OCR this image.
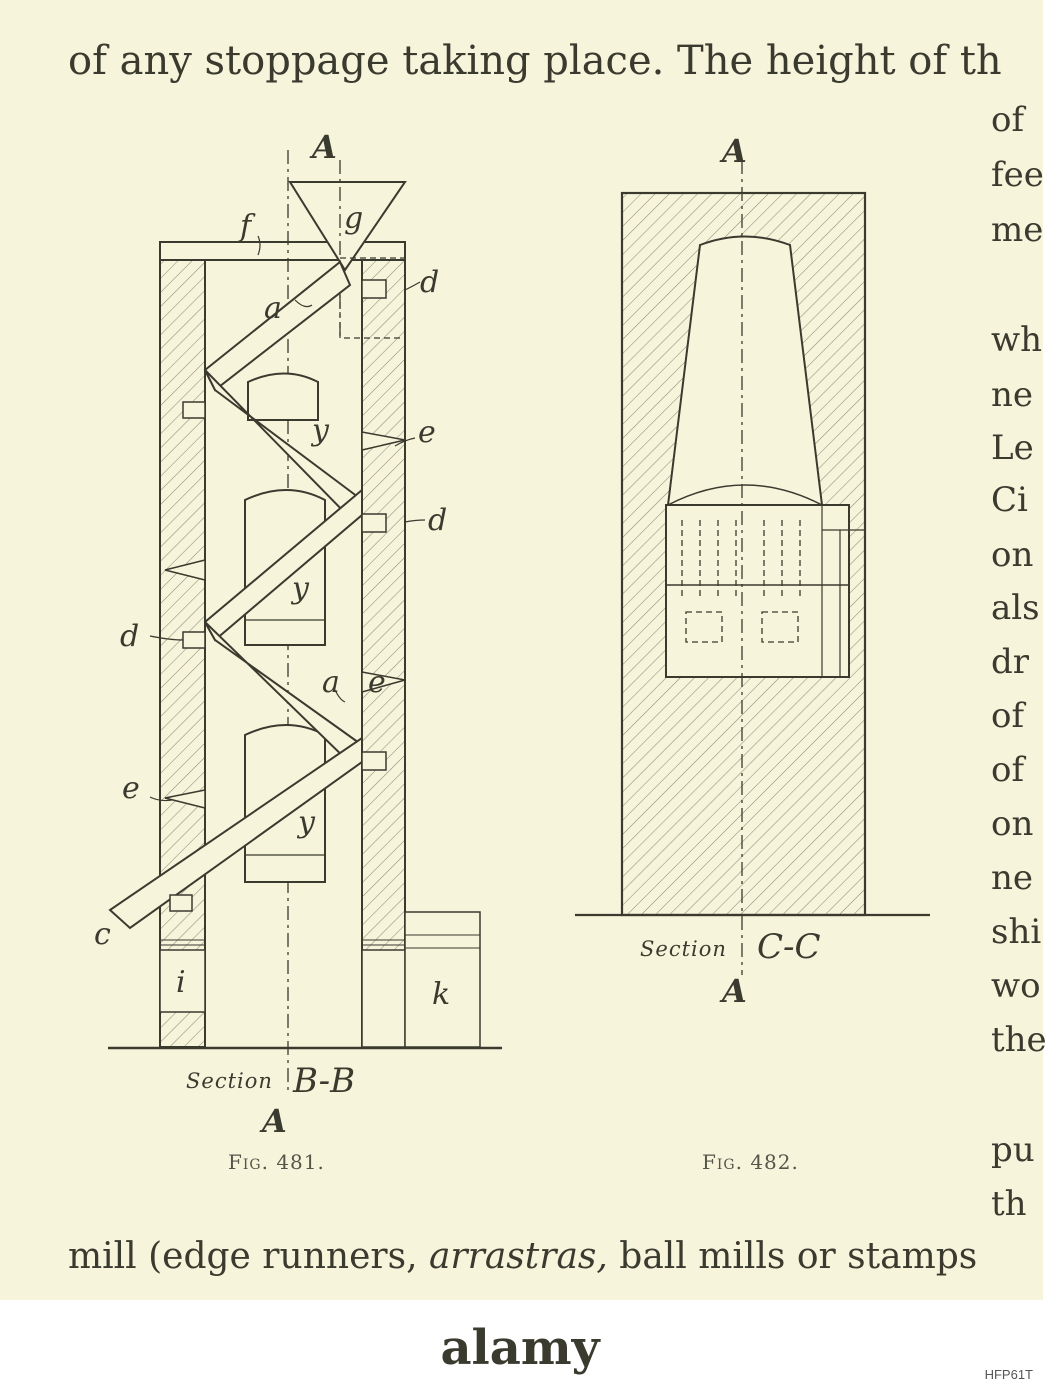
of any stoppage taking place. The height of th
of
fee
me
wh
ne
Le
Ci
on
als
dr
of
of
on
ne
shi
wo
the
pu
th
mill (edge runners, arrastras, ball mills or stamps
FIG. 481.	FIG. 482.
A
f	g
a
d
y	e
d
y
d
a e
e
y
c
i	k
Section B-B
A
A
Section C-C
A
alamy	HFP61T
